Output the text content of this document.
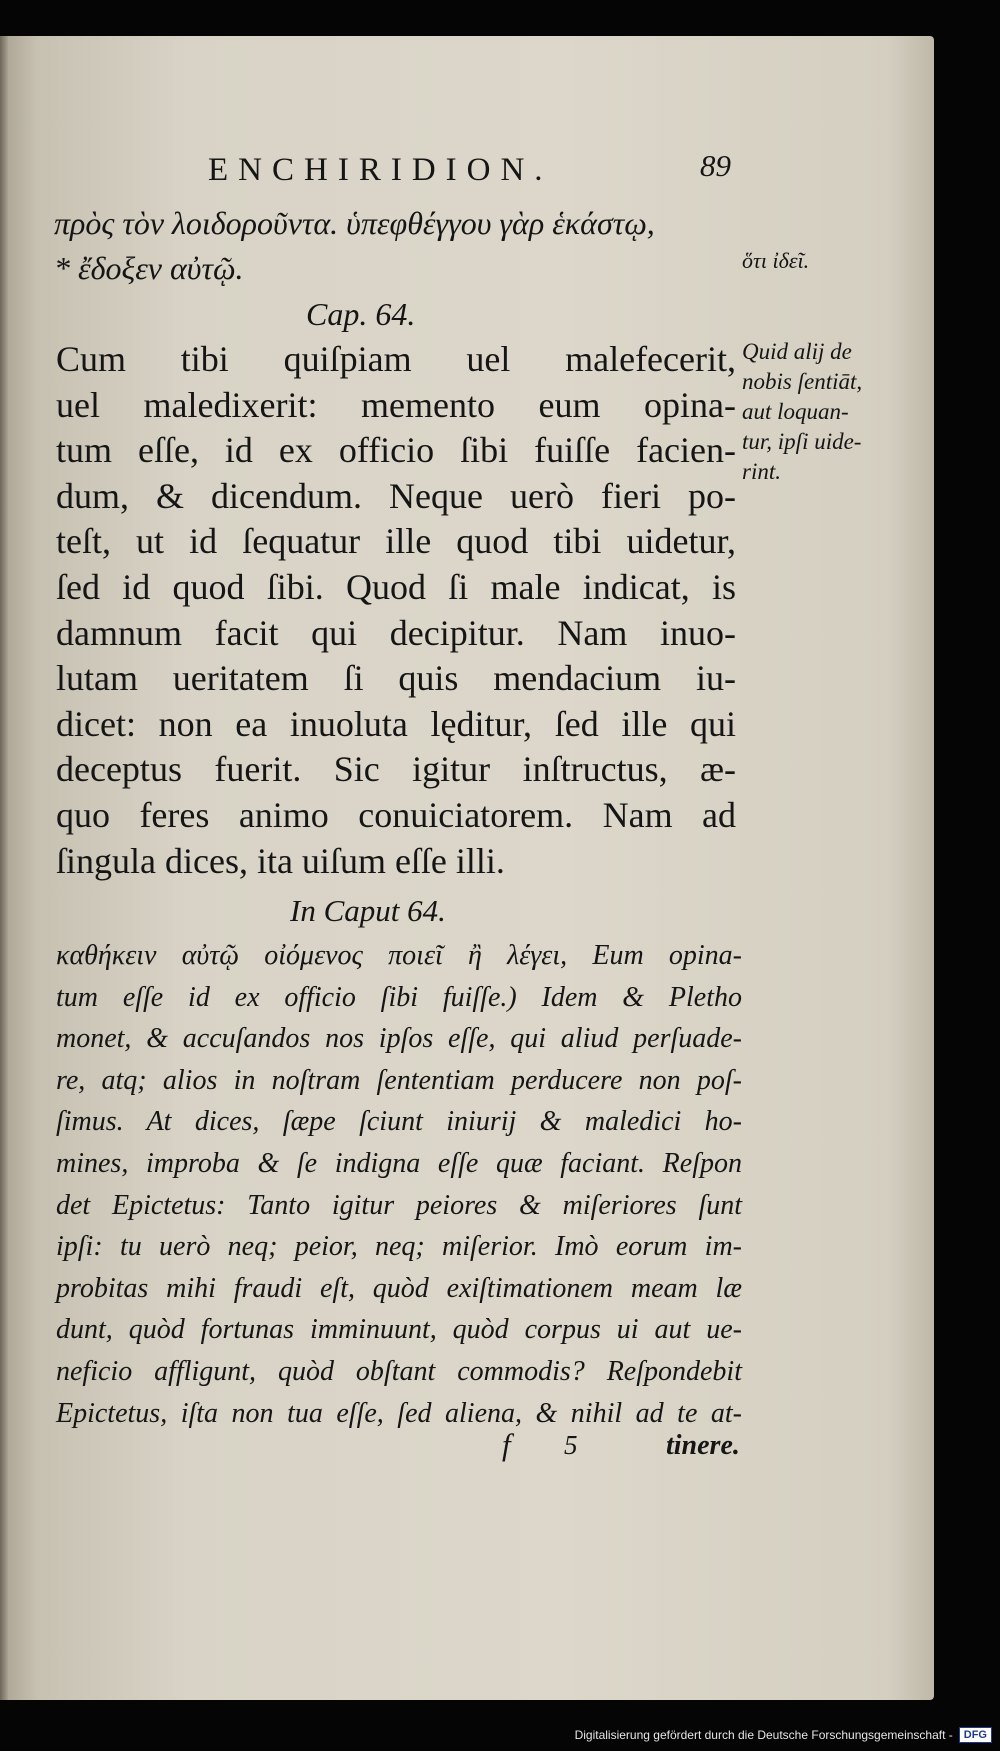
ENCHIRIDION.	89
πρὸς τὸν λοιδοροῦντα. ὑπεφθέγγου γὰρ ἑκάστῳ,
* ἔδοξεν αὐτῷ.	ὅτι ἰδεῖ.
Cap. 64.
Cum tibi quiſpiam uel malefecerit,
uel maledixerit: memento eum opina-
tum eſſe, id ex officio ſibi fuiſſe facien-
dum, & dicendum. Neque uerò fieri po-
teſt, ut id ſequatur ille quod tibi uidetur,
ſed id quod ſibi. Quod ſi male indicat, is
damnum facit qui decipitur. Nam inuo-
lutam ueritatem ſi quis mendacium iu-
dicet: non ea inuoluta lęditur, ſed ille qui
deceptus fuerit. Sic igitur inſtructus, æ-
quo feres animo conuiciatorem. Nam ad
ſingula dices, ita uiſum eſſe illi.
Quid alij de
nobis ſentiāt,
aut loquan-
tur, ipſi uide-
rint.
In Caput 64.
καθήκειν αὐτῷ οἰόμενος ποιεῖ ἢ λέγει, Eum opina-
tum eſſe id ex officio ſibi fuiſſe.) Idem & Pletho
monet, & accuſandos nos ipſos eſſe, qui aliud perſuade-
re, atq; alios in noſtram ſententiam perducere non poſ-
ſimus. At dices, ſæpe ſciunt iniurij & maledici ho-
mines, improba & ſe indigna eſſe quæ faciant. Reſpon
det Epictetus: Tanto igitur peiores & miſeriores ſunt
ipſi: tu uerò neq; peior, neq; miſerior. Imò eorum im-
probitas mihi fraudi eſt, quòd exiſtimationem meam læ
dunt, quòd fortunas imminuunt, quòd corpus ui aut ue-
neficio affligunt, quòd obſtant commodis? Reſpondebit
Epictetus, iſta non tua eſſe, ſed aliena, & nihil ad te at-
f 5	tinere.
Digitalisierung gefördert durch die Deutsche Forschungsgemeinschaft -	DFG
